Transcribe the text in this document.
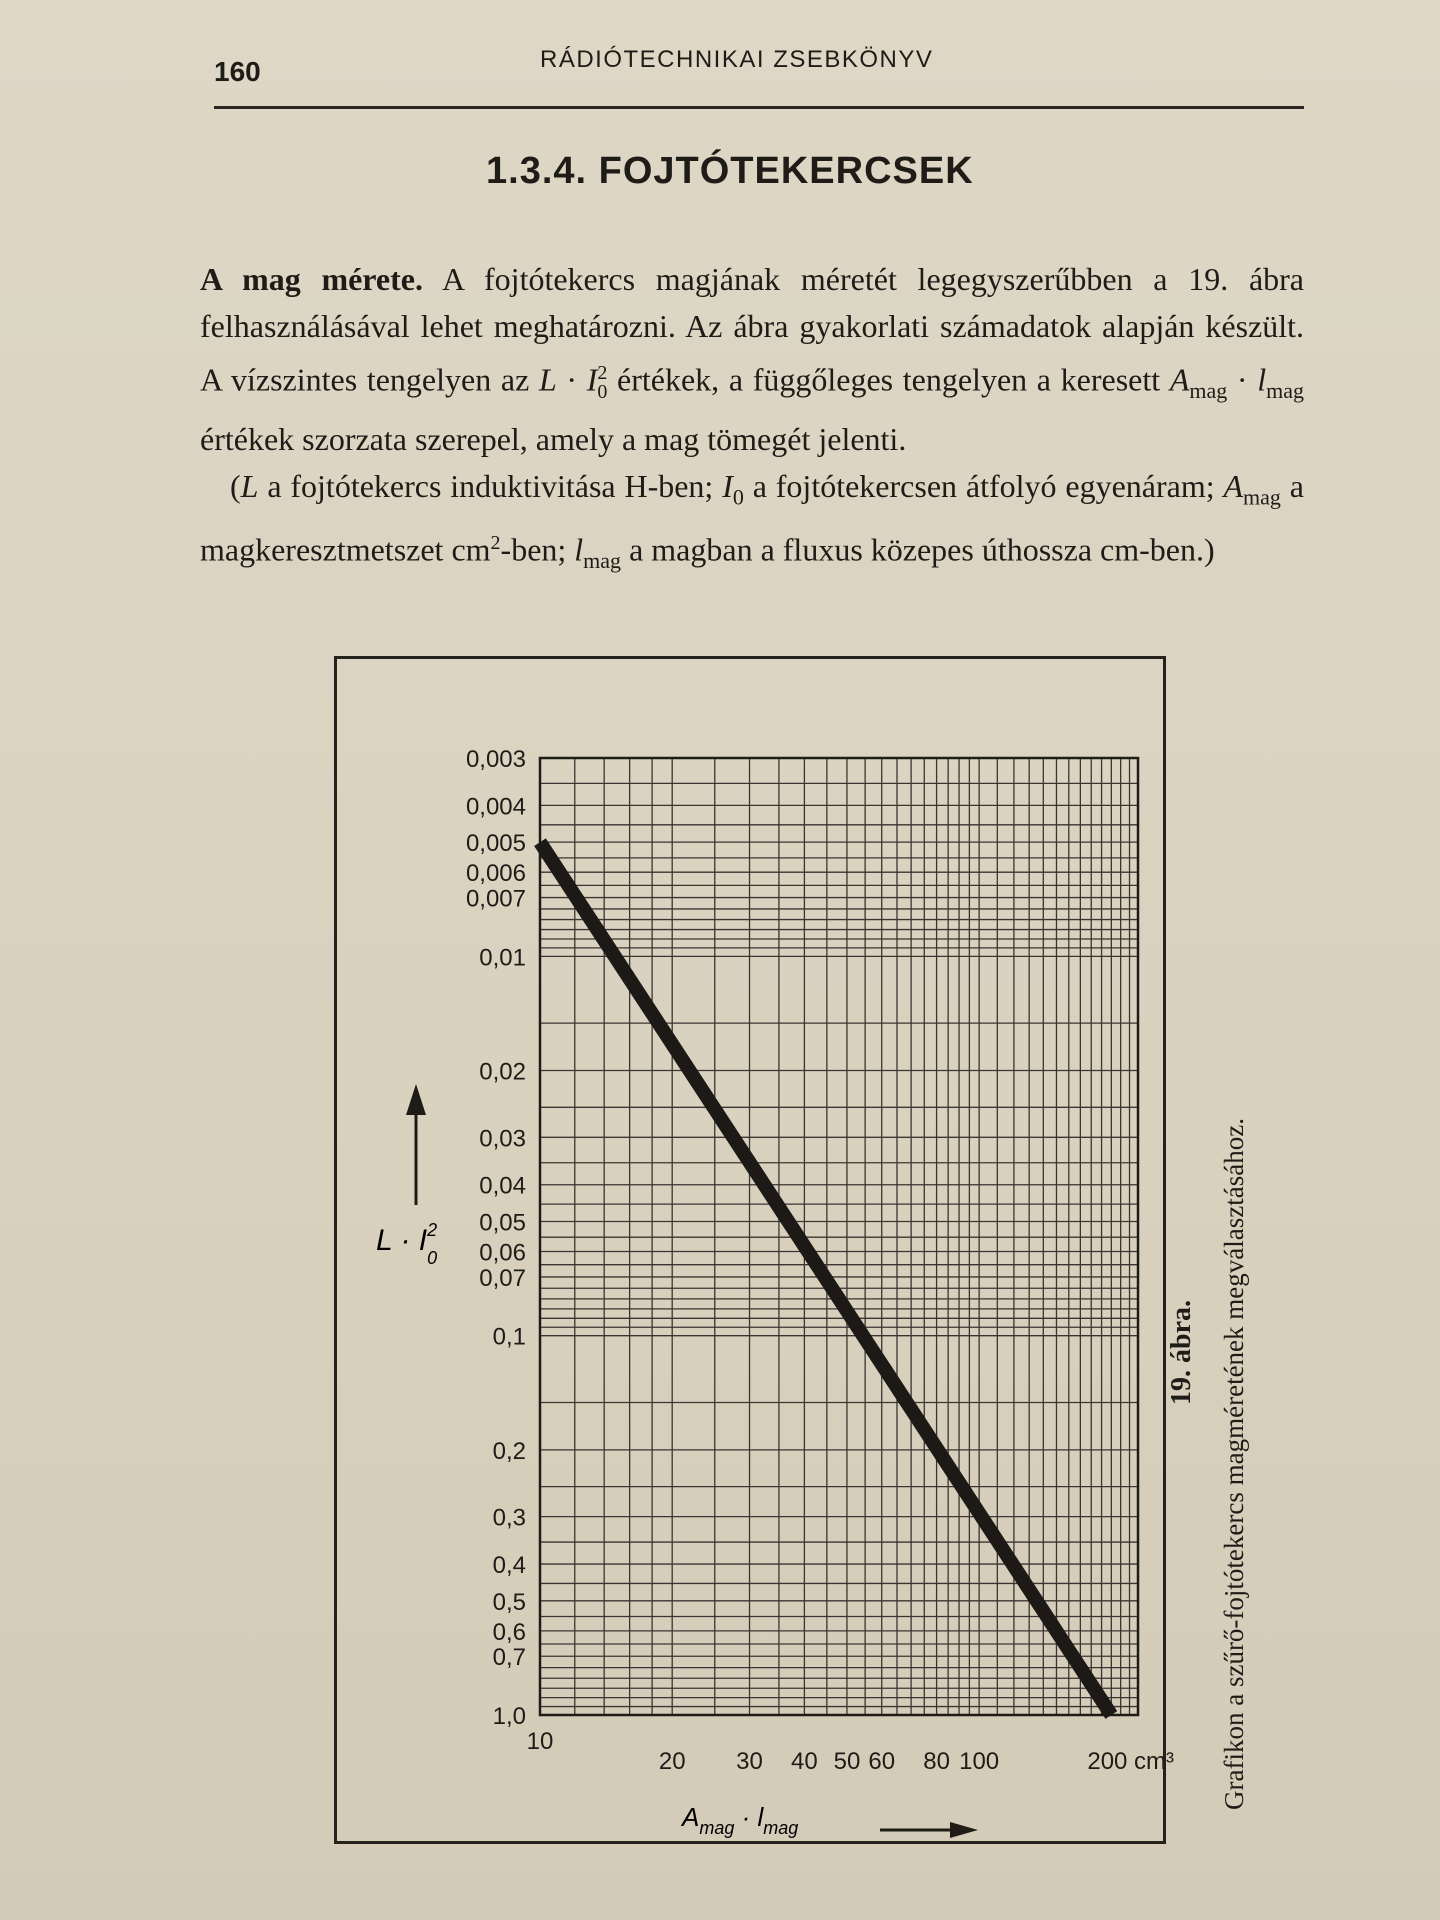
160	RÁDIÓTECHNIKAI ZSEBKÖNYV
1.3.4. FOJTÓTEKERCSEK

A mag mérete. A fojtótekercs magjának méretét legegyszerűbben a 19. ábra felhasználásával lehet meghatározni. Az ábra gyakorlati számadatok alapján készült. A vízszintes tengelyen az $L \cdot I^2_0$ értékek, a függőleges tengelyen a keresett $A_{mag} \cdot l_{mag}$ értékek szorzata szerepel, amely a mag tömegét jelenti.

(L a fojtótekercs induktivitása H-ben; $I_0$ a fojtótekercsen átfolyó egyenáram; $A_{mag}$ a magkeresztmetszet $cm^2$-ben; $l_{mag}$ a magban a fluxus közepes úthossza cm-ben.)

0,003
0,004
0,005
0,006
0,007
0,01
0,02
0,03
0,04
0,05
0,06
0,07
0,1
0,2
0,3
0,4
0,5
0,6
0,7
1,0
10
20 30 40 50 60 80 100	200 cm³
$L \cdot I^2$ 0
$A_{mag} \cdot l_{mag}$
19. ábra. Grafikon a szűrő-fojtótekercs magméretének megválasztásához.
